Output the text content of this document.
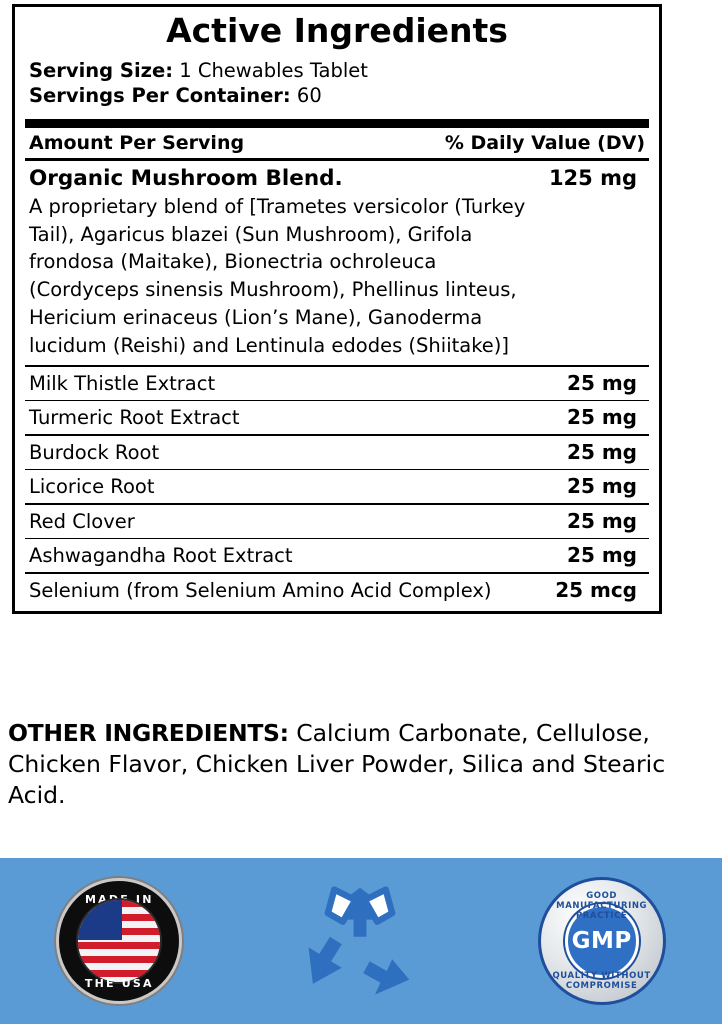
Active Ingredients
Serving Size: 1 Chewables Tablet
Servings Per Container: 60
Amount Per Serving	% Daily Value (DV)
Organic Mushroom Blend.	125 mg
A proprietary blend of [Trametes versicolor (Turkey Tail), Agaricus blazei (Sun Mushroom), Grifola frondosa (Maitake), Bionectria ochroleuca (Cordyceps sinensis Mushroom), Phellinus linteus, Hericium erinaceus (Lion’s Mane), Ganoderma lucidum (Reishi) and Lentinula edodes (Shiitake)]
Milk Thistle Extract	25 mg
Turmeric Root Extract	25 mg
Burdock Root	25 mg
Licorice Root	25 mg
Red Clover	25 mg
Ashwagandha Root Extract	25 mg
Selenium (from Selenium Amino Acid Complex)	25 mcg
OTHER INGREDIENTS: Calcium Carbonate, Cellulose, Chicken Flavor, Chicken Liver Powder, Silica and Stearic Acid.
THE USA
GOOD MANUFACTURING PRACTICE
GMP
QUALITY WITHOUT COMPROMISE
